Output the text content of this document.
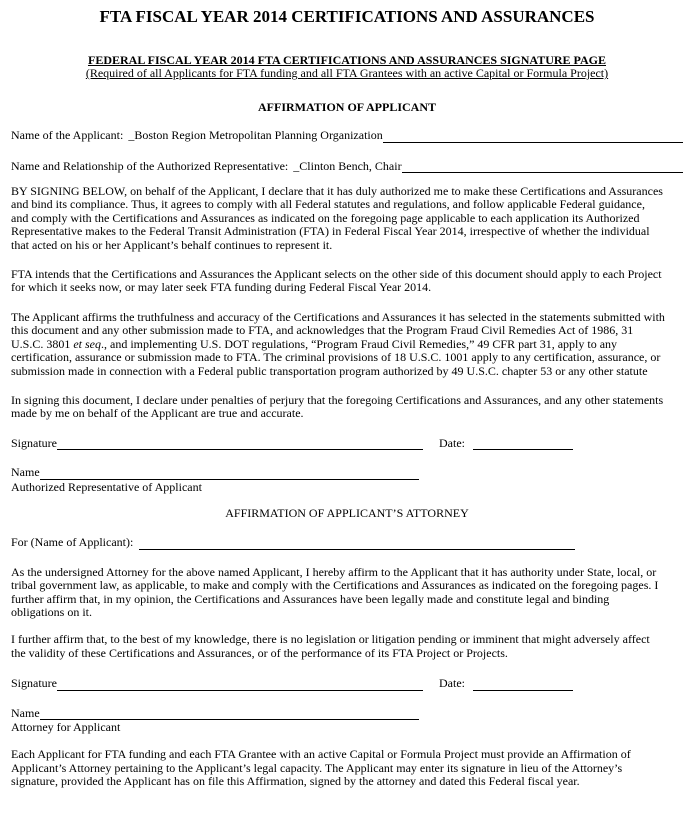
FTA FISCAL YEAR 2014 CERTIFICATIONS AND ASSURANCES
FEDERAL FISCAL YEAR 2014 FTA CERTIFICATIONS AND ASSURANCES SIGNATURE PAGE
(Required of all Applicants for FTA funding and all FTA Grantees with an active Capital or Formula Project)
AFFIRMATION OF APPLICANT
Name of the Applicant: _Boston Region Metropolitan Planning Organization
Name and Relationship of the Authorized Representative: _Clinton Bench, Chair

BY SIGNING BELOW, on behalf of the Applicant, I declare that it has duly authorized me to make these Certifications and Assurances and bind its compliance. Thus, it agrees to comply with all Federal statutes and regulations, and follow applicable Federal guidance, and comply with the Certifications and Assurances as indicated on the foregoing page applicable to each application its Authorized Representative makes to the Federal Transit Administration (FTA) in Federal Fiscal Year 2014, irrespective of whether the individual that acted on his or her Applicant’s behalf continues to represent it.

FTA intends that the Certifications and Assurances the Applicant selects on the other side of this document should apply to each Project for which it seeks now, or may later seek FTA funding during Federal Fiscal Year 2014.

The Applicant affirms the truthfulness and accuracy of the Certifications and Assurances it has selected in the statements submitted with this document and any other submission made to FTA, and acknowledges that the Program Fraud Civil Remedies Act of 1986, 31 U.S.C. 3801 et seq., and implementing U.S. DOT regulations, “Program Fraud Civil Remedies,” 49 CFR part 31, apply to any certification, assurance or submission made to FTA. The criminal provisions of 18 U.S.C. 1001 apply to any certification, assurance, or submission made in connection with a Federal public transportation program authorized by 49 U.S.C. chapter 53 or any other statute

In signing this document, I declare under penalties of perjury that the foregoing Certifications and Assurances, and any other statements made by me on behalf of the Applicant are true and accurate.

Signature	Date:
Name
Authorized Representative of Applicant
AFFIRMATION OF APPLICANT’S ATTORNEY
For (Name of Applicant):

As the undersigned Attorney for the above named Applicant, I hereby affirm to the Applicant that it has authority under State, local, or tribal government law, as applicable, to make and comply with the Certifications and Assurances as indicated on the foregoing pages. I further affirm that, in my opinion, the Certifications and Assurances have been legally made and constitute legal and binding obligations on it.

I further affirm that, to the best of my knowledge, there is no legislation or litigation pending or imminent that might adversely affect the validity of these Certifications and Assurances, or of the performance of its FTA Project or Projects.

Signature	Date:
Name
Attorney for Applicant

Each Applicant for FTA funding and each FTA Grantee with an active Capital or Formula Project must provide an Affirmation of Applicant’s Attorney pertaining to the Applicant’s legal capacity. The Applicant may enter its signature in lieu of the Attorney’s signature, provided the Applicant has on file this Affirmation, signed by the attorney and dated this Federal fiscal year.
